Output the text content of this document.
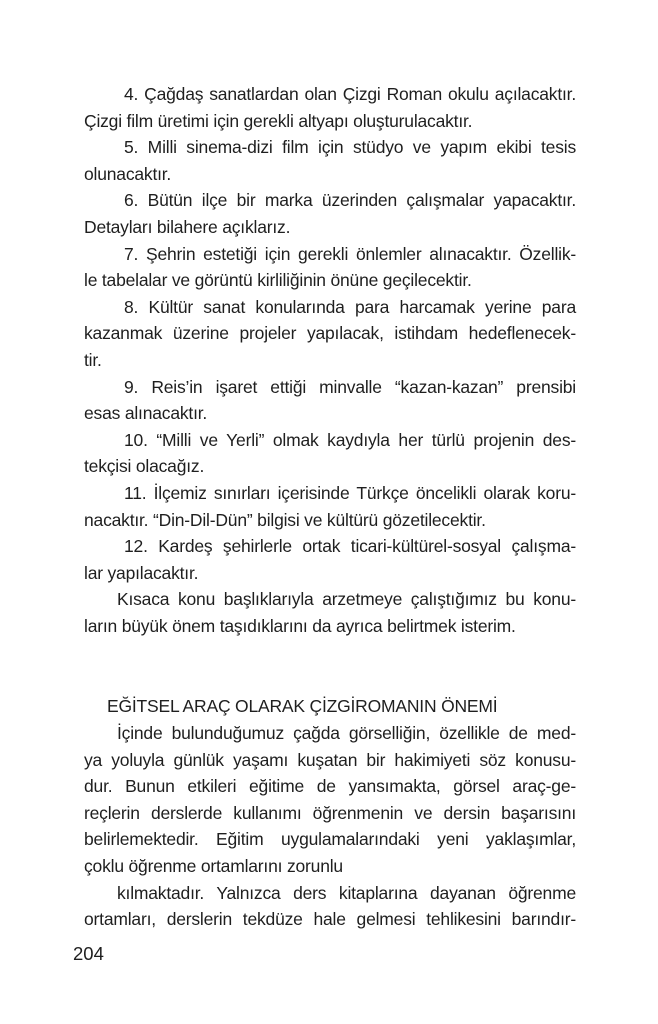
4. Çağdaş sanatlardan olan Çizgi Roman okulu açılacaktır.
Çizgi film üretimi için gerekli altyapı oluşturulacaktır.

5. Milli sinema-dizi film için stüdyo ve yapım ekibi tesis
olunacaktır.

6. Bütün ilçe bir marka üzerinden çalışmalar yapacaktır.
Detayları bilahere açıklarız.

7. Şehrin estetiği için gerekli önlemler alınacaktır. Özellik-
le tabelalar ve görüntü kirliliğinin önüne geçilecektir.

8. Kültür sanat konularında para harcamak yerine para
kazanmak üzerine projeler yapılacak, istihdam hedeflenecek-
tir.

9. Reis’in işaret ettiği minvalle “kazan-kazan” prensibi
esas alınacaktır.

10. “Milli ve Yerli” olmak kaydıyla her türlü projenin des-
tekçisi olacağız.

11. İlçemiz sınırları içerisinde Türkçe öncelikli olarak koru-
nacaktır. “Din-Dil-Dün” bilgisi ve kültürü gözetilecektir.

12. Kardeş şehirlerle ortak ticari-kültürel-sosyal çalışma-
lar yapılacaktır.

Kısaca konu başlıklarıyla arzetmeye çalıştığımız bu konu-
ların büyük önem taşıdıklarını da ayrıca belirtmek isterim.

EĞİTSEL ARAÇ OLARAK ÇİZGİROMANIN ÖNEMİ

İçinde bulunduğumuz çağda görselliğin, özellikle de med-
ya yoluyla günlük yaşamı kuşatan bir hakimiyeti söz konusu-
dur. Bunun etkileri eğitime de yansımakta, görsel araç-ge-
reçlerin derslerde kullanımı öğrenmenin ve dersin başarısını
belirlemektedir. Eğitim uygulamalarındaki yeni yaklaşımlar,
çoklu öğrenme ortamlarını zorunlu

kılmaktadır. Yalnızca ders kitaplarına dayanan öğrenme
ortamları, derslerin tekdüze hale gelmesi tehlikesini barındır-

204
